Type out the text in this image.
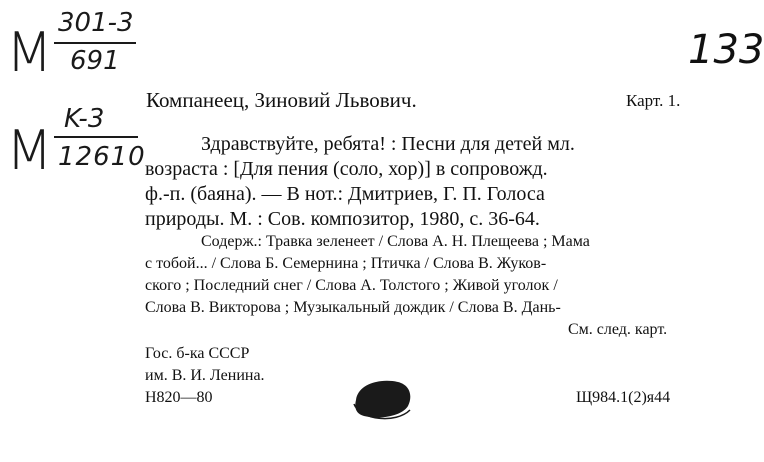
M 301-3
691
M K-3
12610
Карт. 1.
133
Компанеец, Зиновий Львович.
Здравствуйте, ребята! : Песни для детей мл.
возраста : [Для пения (соло, хор)] в сопровожд.
ф.-п. (баяна). — В нот.: Дмитриев, Г. П. Голоса
природы. М. : Сов. композитор, 1980, с. 36-64.
Содерж.: Травка зеленеет / Слова А. Н. Плещеева ; Мама
с тобой... / Слова Б. Семернина ; Птичка / Слова В. Жуков-
ского ; Последний снег / Слова А. Толстого ; Живой уголок /
Слова В. Викторова ; Музыкальный дождик / Слова В. Дань-
См. след. карт.
Гос. б-ка СССР
им. В. И. Ленина.
Н820—80	Щ984.1(2)я44
